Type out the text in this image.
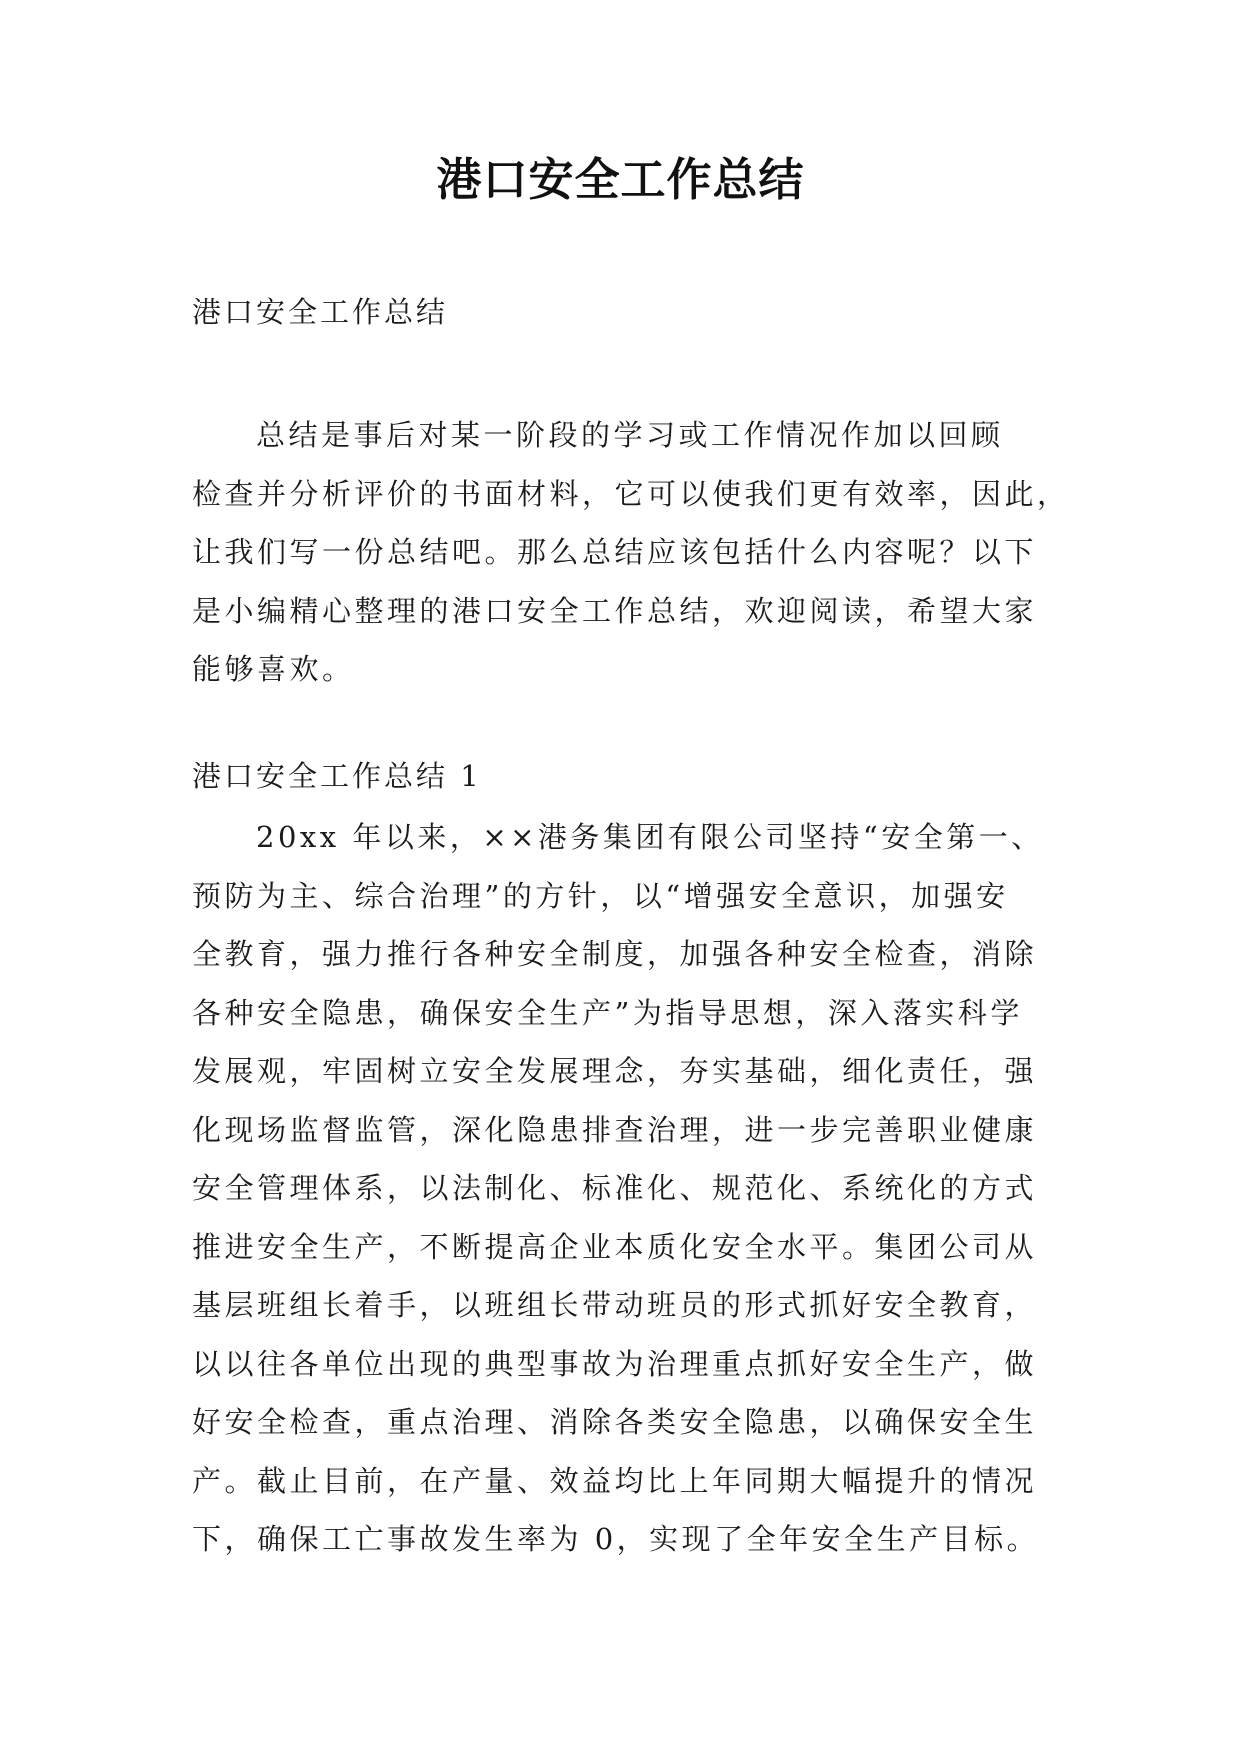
港口安全工作总结
港口安全工作总结
总结是事后对某一阶段的学习或工作情况作加以回顾
检查并分析评价的书面材料，它可以使我们更有效率，因此，
让我们写一份总结吧。那么总结应该包括什么内容呢？以下
是小编精心整理的港口安全工作总结，欢迎阅读，希望大家
能够喜欢。
港口安全工作总结 1
20xx 年以来，××港务集团有限公司坚持“安全第一、
预防为主、综合治理”的方针，以“增强安全意识，加强安
全教育，强力推行各种安全制度，加强各种安全检查，消除
各种安全隐患，确保安全生产”为指导思想，深入落实科学
发展观，牢固树立安全发展理念，夯实基础，细化责任，强
化现场监督监管，深化隐患排查治理，进一步完善职业健康
安全管理体系，以法制化、标准化、规范化、系统化的方式
推进安全生产，不断提高企业本质化安全水平。集团公司从
基层班组长着手，以班组长带动班员的形式抓好安全教育，
以以往各单位出现的典型事故为治理重点抓好安全生产，做
好安全检查，重点治理、消除各类安全隐患，以确保安全生
产。截止目前，在产量、效益均比上年同期大幅提升的情况
下，确保工亡事故发生率为 0，实现了全年安全生产目标。
